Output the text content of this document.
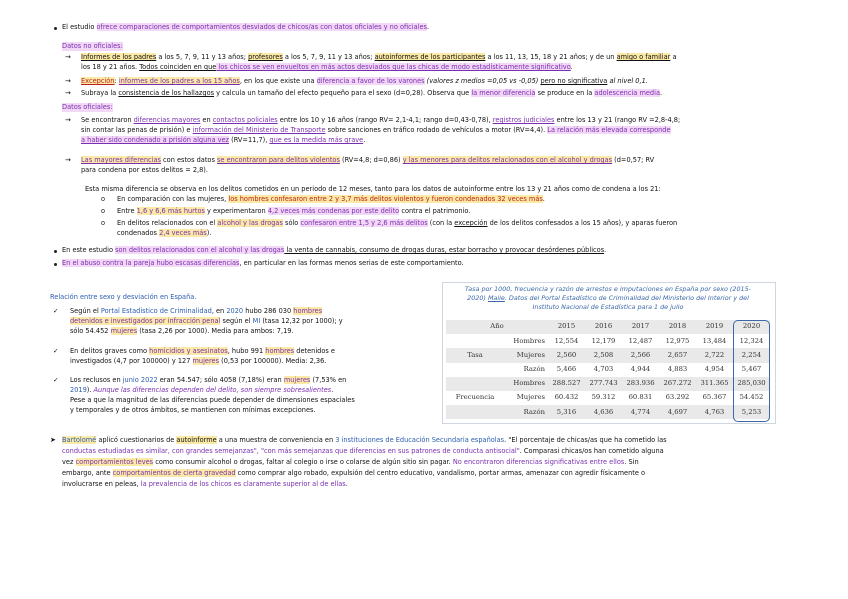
El estudio ofrece comparaciones de comportamientos desviados de chicos/as con datos oficiales y no oficiales.
Datos no oficiales:
→ Informes de los padres a los 5, 7, 9, 11 y 13 años; profesores a los 5, 7, 9, 11 y 13 años; autoinformes de los participantes a los 11, 13, 15, 18 y 21 años; y de un amigo o familiar a
los 18 y 21 años. Todos coinciden en que los chicos se ven envueltos en más actos desviados que las chicas de modo estadísticamente significativo.
→ Excepción: informes de los padres a los 15 años, en los que existe una diferencia a favor de los varones (valores z medios =0,05 vs -0,05) pero no significativa al nivel 0,1.
→ Subraya la consistencia de los hallazgos y calcula un tamaño del efecto pequeño para el sexo (d=0,28). Observa que la menor diferencia se produce en la adolescencia media.
Datos oficiales:
→ Se encontraron diferencias mayores en contactos policiales entre los 10 y 16 años (rango RV= 2,1-4,1; rango d=0,43-0,78), registros judiciales entre los 13 y 21 (rango RV =2,8-4,8;
sin contar las penas de prisión) e información del Ministerio de Transporte sobre sanciones en tráfico rodado de vehículos a motor (RV=4,4). La relación más elevada corresponde
a haber sido condenado a prisión alguna vez (RV=11,7), que es la medida más grave.
→ Las mayores diferencias con estos datos se encontraron para delitos violentos (RV=4,8; d=0,86) y las menores para delitos relacionados con el alcohol y drogas (d=0,57; RV
para condena por estos delitos = 2,8).
Esta misma diferencia se observa en los delitos cometidos en un periodo de 12 meses, tanto para los datos de autoinforme entre los 13 y 21 años como de condena a los 21:
o En comparación con las mujeres, los hombres confesaron entre 2 y 3,7 más delitos violentos y fueron condenados 32 veces más.
o Entre 1,6 y 6,6 más hurtos y experimentaron 4,2 veces más condenas por este delito contra el patrimonio.
o En delitos relacionados con el alcohol y las drogas sólo confesaron entre 1,5 y 2,6 más delitos (con la excepción de los delitos confesados a los 15 años), y aparas fueron
condenados 2,4 veces más).
En este estudio son delitos relacionados con el alcohol y las drogas la venta de cannabis, consumo de drogas duras, estar borracho y provocar desórdenes públicos.
En el abuso contra la pareja hubo escasas diferencias, en particular en las formas menos serias de este comportamiento.
Relación entre sexo y desviación en España.
✓ Según el Portal Estadístico de Criminalidad, en 2020 hubo 286 030 hombres
detenidos e investigados por infracción penal según el MI (tasa 12,32 por 1000); y
sólo 54.452 mujeres (tasa 2,26 por 1000). Media para ambos: 7,19.
✓ En delitos graves como homicidios y asesinatos, hubo 991 hombres detenidos e
investigados (4,7 por 100000) y 127 mujeres (0,53 por 100000). Media: 2,36.
✓ Los reclusos en junio 2022 eran 54.547; sólo 4058 (7,18%) eran mujeres (7,53% en
2019). Aunque las diferencias dependen del delito, son siempre sobresalientes.
Pese a que la magnitud de las diferencias puede depender de dimensiones espaciales
y temporales y de otros ámbitos, se mantienen con mínimas excepciones.
Tasa por 1000, frecuencia y razón de arrestos e imputaciones en España por sexo (2015-
2020) Maile. Datos del Portal Estadístico de Criminalidad del Ministerio del Interior y del
Instituto Nacional de Estadística para 1 de julio
Año		2015	2016	2017	2018	2019	2020
	Hombres	12,554	12,179	12,487	12,975	13,484	12,324
Tasa	Mujeres	2,560	2,508	2,566	2,657	2,722	2,254
	Razón	5,466	4,703	4,944	4,883	4,954	5,467
	Hombres	288.527	277.743	283.936	267.272	311.365	285,030
Frecuencia	Mujeres	60.432	59.312	60.831	63.292	65.367	54.452
	Razón	5,316	4,636	4,774	4,697	4,763	5,253
➤ Bartolomé aplicó cuestionarios de autoinforme a una muestra de conveniencia en 3 instituciones de Educación Secundaria españolas. "El porcentaje de chicas/as que ha cometido las
conductas estudiadas es similar, con grandes semejanzas", "con más semejanzas que diferencias en sus patrones de conducta antisocial". Comparasi chicas/os han cometido alguna
vez comportamientos leves como consumir alcohol o drogas, faltar al colegio o irse o colarse de algún sitio sin pagar. No encontraron diferencias significativas entre ellos. Sin
embargo, ante comportamientos de cierta gravedad como comprar algo robado, expulsión del centro educativo, vandalismo, portar armas, amenazar con agredir físicamente o
involucrarse en peleas, la prevalencia de los chicos es claramente superior al de ellas.
